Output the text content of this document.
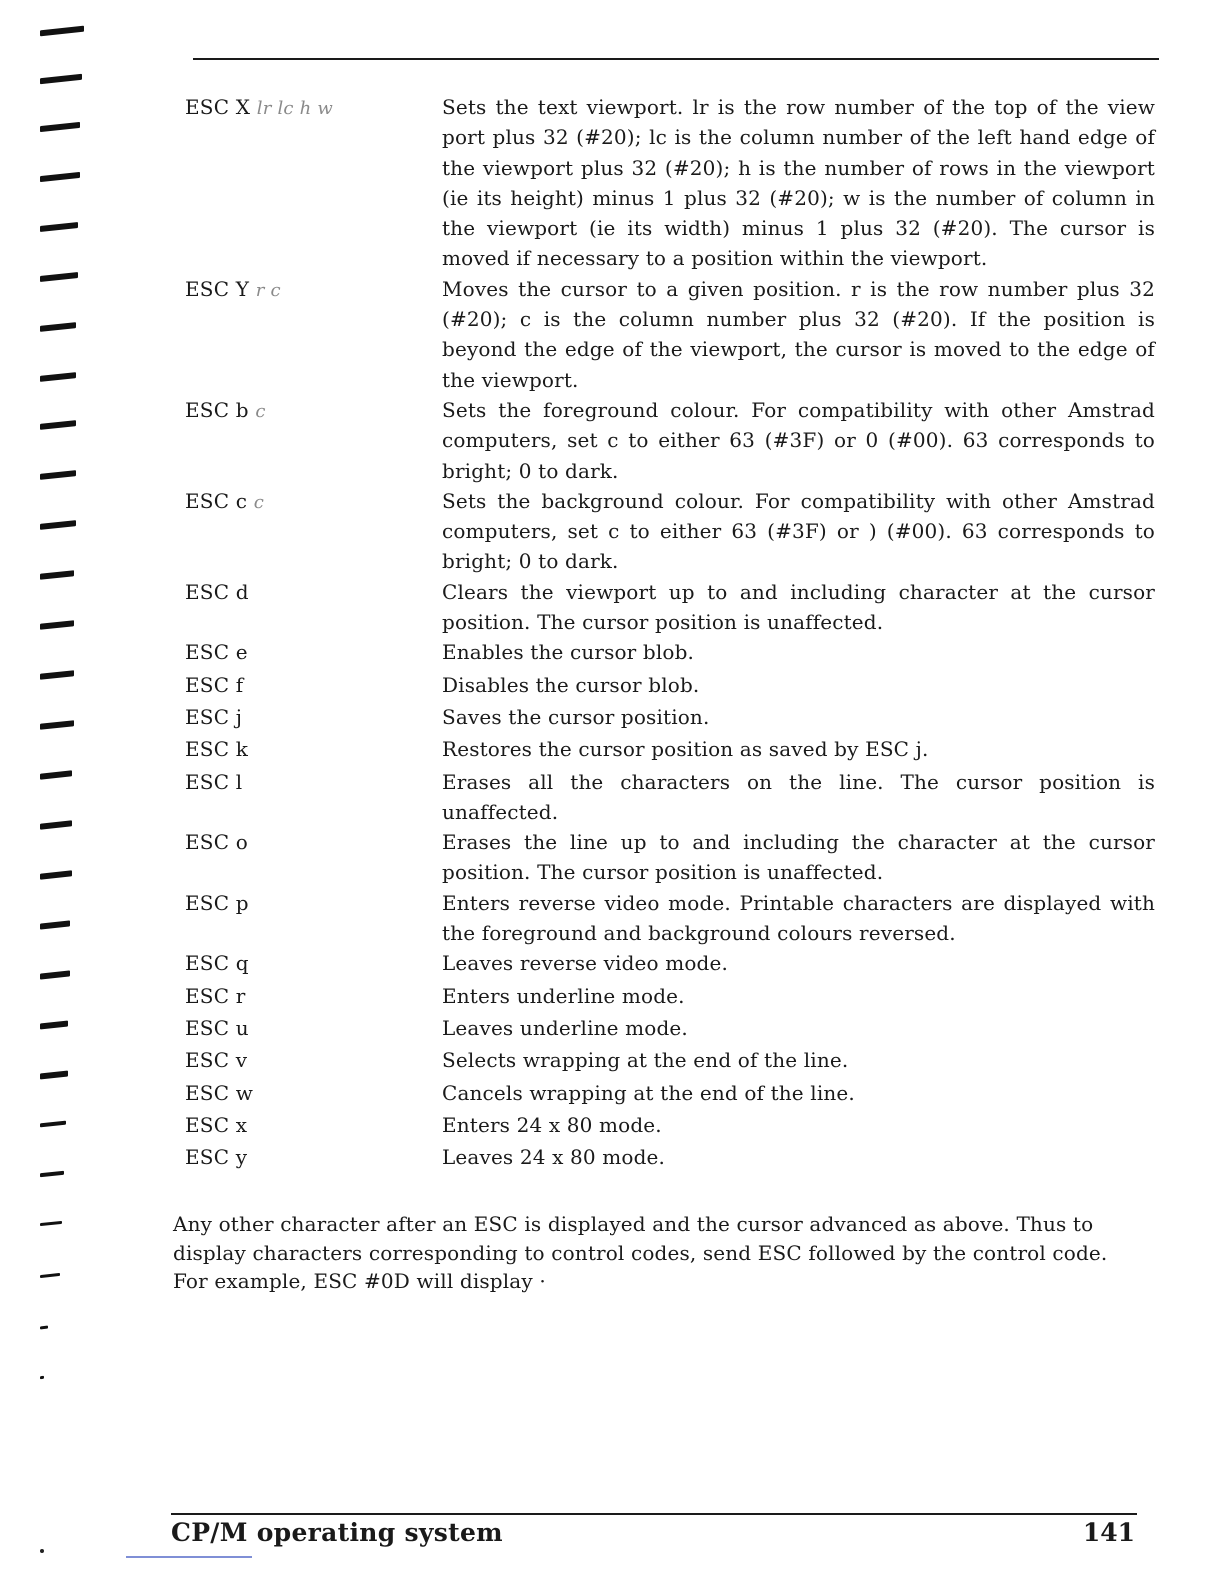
ESC X lr lc h w	Sets the text viewport. lr is the row number of the top of the view port plus 32 (#20); lc is the column number of the left hand edge of the viewport plus 32 (#20); h is the number of rows in the viewport (ie its height) minus 1 plus 32 (#20); w is the number of column in the viewport (ie its width) minus 1 plus 32 (#20). The cursor is moved if necessary to a position within the viewport.
ESC Y r c	Moves the cursor to a given position. r is the row number plus 32 (#20); c is the column number plus 32 (#20). If the position is beyond the edge of the viewport, the cursor is moved to the edge of the viewport.
ESC b c	Sets the foreground colour. For compatibility with other Amstrad computers, set c to either 63 (#3F) or 0 (#00). 63 corresponds to bright; 0 to dark.
ESC c c	Sets the background colour. For compatibility with other Amstrad computers, set c to either 63 (#3F) or ) (#00). 63 corresponds to bright; 0 to dark.
ESC d	Clears the viewport up to and including character at the cursor position. The cursor position is unaffected.
ESC e	Enables the cursor blob.
ESC f	Disables the cursor blob.
ESC j	Saves the cursor position.
ESC k	Restores the cursor position as saved by ESC j.
ESC l	Erases all the characters on the line. The cursor position is unaffected.
ESC o	Erases the line up to and including the character at the cursor position. The cursor position is unaffected.
ESC p	Enters reverse video mode. Printable characters are displayed with the foreground and background colours reversed.
ESC q	Leaves reverse video mode.
ESC r	Enters underline mode.
ESC u	Leaves underline mode.
ESC v	Selects wrapping at the end of the line.
ESC w	Cancels wrapping at the end of the line.
ESC x	Enters 24 x 80 mode.
ESC y	Leaves 24 x 80 mode.

Any other character after an ESC is displayed and the cursor advanced as above. Thus to display characters corresponding to control codes, send ESC followed by the control code. For example, ESC #0D will display ·

CP/M operating system	141
